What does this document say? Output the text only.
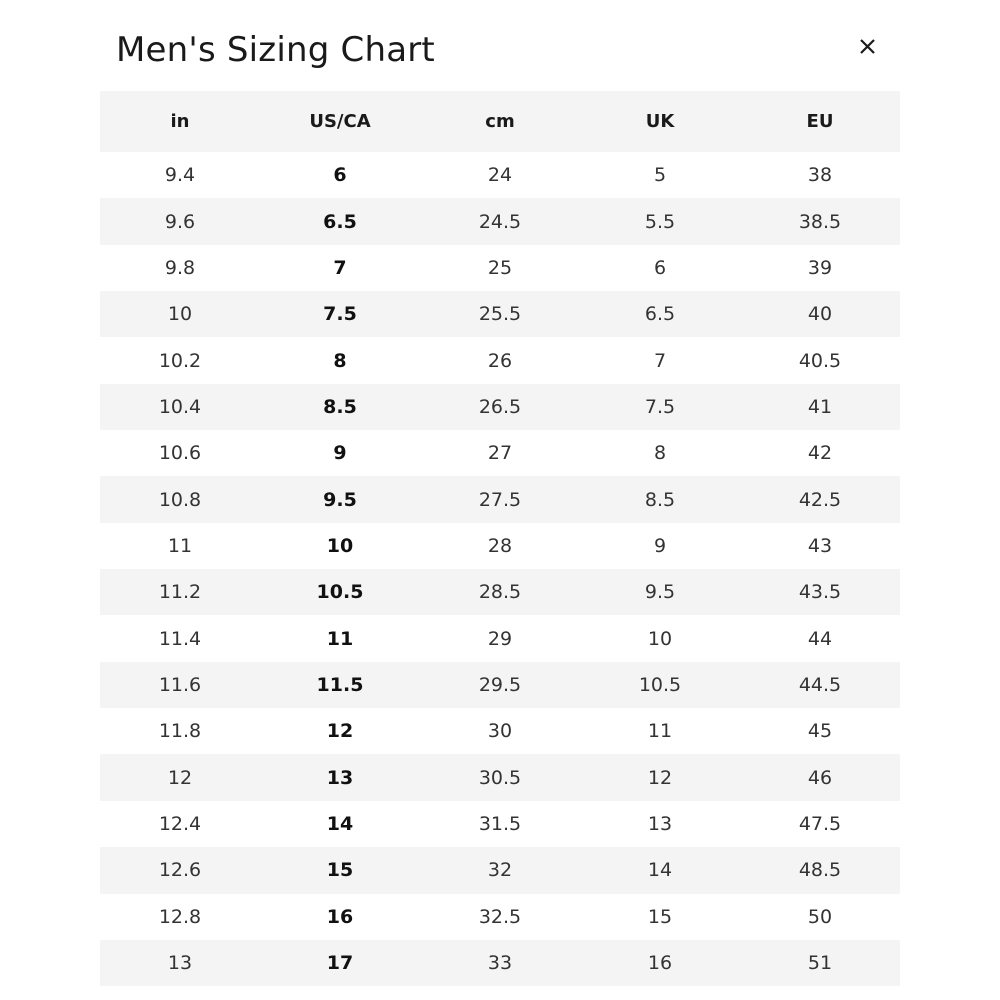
Men's Sizing Chart
in	US/CA	cm	UK	EU
9.4	6	24	5	38
9.6	6.5	24.5	5.5	38.5
9.8	7	25	6	39
10	7.5	25.5	6.5	40
10.2	8	26	7	40.5
10.4	8.5	26.5	7.5	41
10.6	9	27	8	42
10.8	9.5	27.5	8.5	42.5
11	10	28	9	43
11.2	10.5	28.5	9.5	43.5
11.4	11	29	10	44
11.6	11.5	29.5	10.5	44.5
11.8	12	30	11	45
12	13	30.5	12	46
12.4	14	31.5	13	47.5
12.6	15	32	14	48.5
12.8	16	32.5	15	50
13	17	33	16	51
